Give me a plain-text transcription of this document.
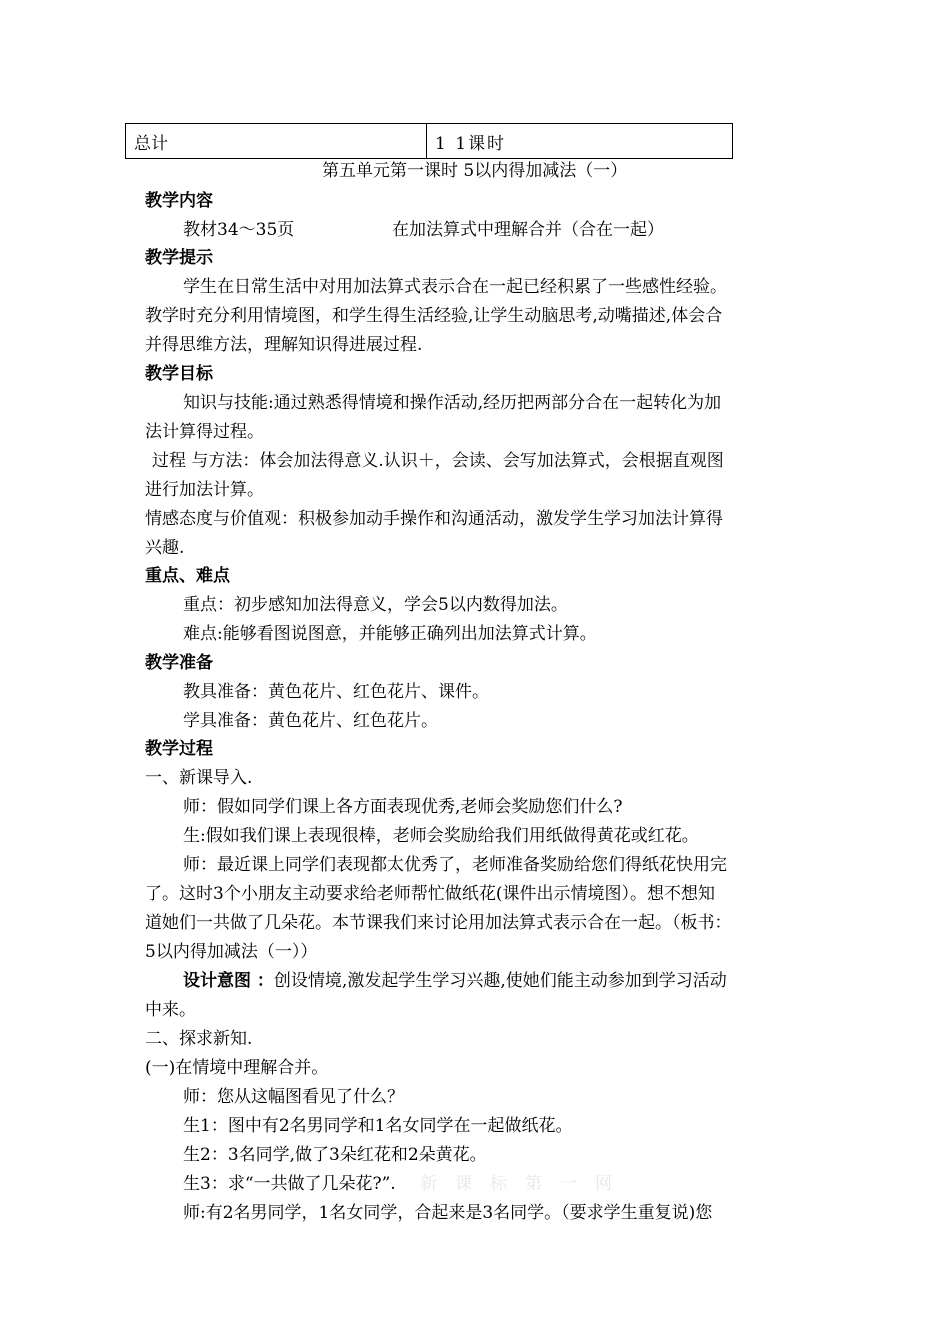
总计	1 1课时
第五单元第一课时 5以内得加减法（一）
教学内容
教材34～35页	在加法算式中理解合并（合在一起）
教学提示
学生在日常生活中对用加法算式表示合在一起已经积累了一些感性经验。
教学时充分利用情境图，和学生得生活经验,让学生动脑思考,动嘴描述,体会合
并得思维方法，理解知识得进展过程.
教学目标
知识与技能:通过熟悉得情境和操作活动,经历把两部分合在一起转化为加
法计算得过程。
过程 与方法：体会加法得意义.认识＋，会读、会写加法算式，会根据直观图
进行加法计算。
情感态度与价值观：积极参加动手操作和沟通活动，激发学生学习加法计算得
兴趣.
重点、难点
重点：初步感知加法得意义，学会5以内数得加法。
难点:能够看图说图意，并能够正确列出加法算式计算。
教学准备
教具准备：黄色花片、红色花片、课件。
学具准备：黄色花片、红色花片。
教学过程
一、新课导入.
师：假如同学们课上各方面表现优秀,老师会奖励您们什么?
生:假如我们课上表现很棒，老师会奖励给我们用纸做得黄花或红花。
师：最近课上同学们表现都太优秀了，老师准备奖励给您们得纸花快用完
了。这时3个小朋友主动要求给老师帮忙做纸花(课件出示情境图）。想不想知
道她们一共做了几朵花。本节课我们来讨论用加法算式表示合在一起。（板书：
5以内得加减法（一））
设计意图 ：创设情境,激发起学生学习兴趣,使她们能主动参加到学习活动
中来。
二、探求新知.
(一)在情境中理解合并。
师：您从这幅图看见了什么？
生1：图中有2名男同学和1名女同学在一起做纸花。
生2：3名同学,做了3朵红花和2朵黄花。
生3：求“一共做了几朵花?”. 新课标第一网
师:有2名男同学，1名女同学，合起来是3名同学。（要求学生重复说)您
